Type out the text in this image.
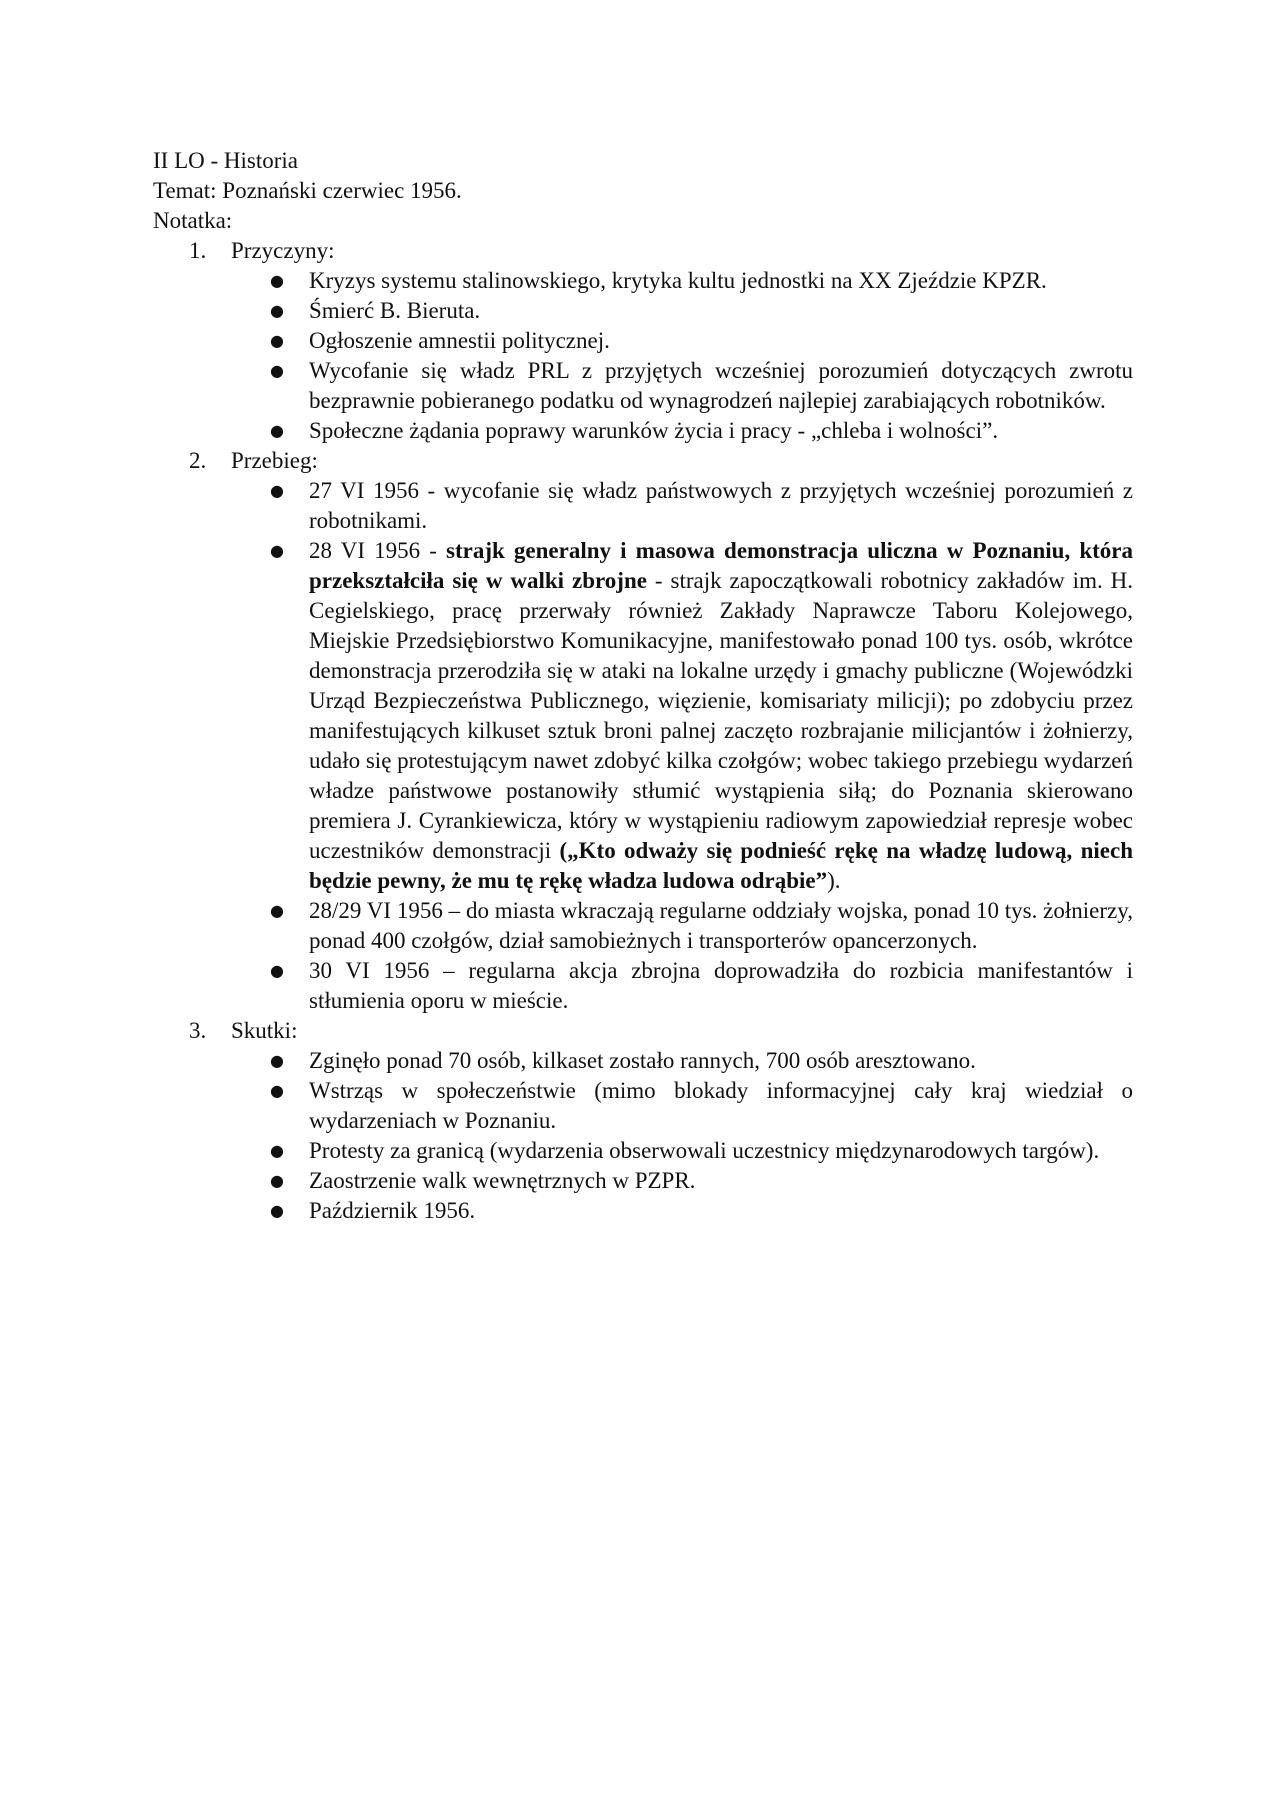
II LO - Historia

Temat: Poznański czerwiec 1956.

Notatka:

1. Przyczyny:
● Kryzys systemu stalinowskiego, krytyka kultu jednostki na XX Zjeździe KPZR.
● Śmierć B. Bieruta.
● Ogłoszenie amnestii politycznej.
● Wycofanie się władz PRL z przyjętych wcześniej porozumień dotyczących zwrotu bezprawnie pobieranego podatku od wynagrodzeń najlepiej zarabiających robotników.
● Społeczne żądania poprawy warunków życia i pracy - „chleba i wolności”.
2. Przebieg:
● 27 VI 1956 - wycofanie się władz państwowych z przyjętych wcześniej porozumień z robotnikami.
● 28 VI 1956 - strajk generalny i masowa demonstracja uliczna w Poznaniu, która przekształciła się w walki zbrojne - strajk zapoczątkowali robotnicy zakładów im. H. Cegielskiego, pracę przerwały również Zakłady Naprawcze Taboru Kolejowego, Miejskie Przedsiębiorstwo Komunikacyjne, manifestowało ponad 100 tys. osób, wkrótce demonstracja przerodziła się w ataki na lokalne urzędy i gmachy publiczne (Wojewódzki Urząd Bezpieczeństwa Publicznego, więzienie, komisariaty milicji); po zdobyciu przez manifestujących kilkuset sztuk broni palnej zaczęto rozbrajanie milicjantów i żołnierzy, udało się protestującym nawet zdobyć kilka czołgów; wobec takiego przebiegu wydarzeń władze państwowe postanowiły stłumić wystąpienia siłą; do Poznania skierowano premiera J. Cyrankiewicza, który w wystąpieniu radiowym zapowiedział represje wobec uczestników demonstracji („Kto odważy się podnieść rękę na władzę ludową, niech będzie pewny, że mu tę rękę władza ludowa odrąbie”).
● 28/29 VI 1956 – do miasta wkraczają regularne oddziały wojska, ponad 10 tys. żołnierzy, ponad 400 czołgów, dział samobieżnych i transporterów opancerzonych.
● 30 VI 1956 – regularna akcja zbrojna doprowadziła do rozbicia manifestantów i stłumienia oporu w mieście.
3. Skutki:
● Zginęło ponad 70 osób, kilkaset zostało rannych, 700 osób aresztowano.
● Wstrząs w społeczeństwie (mimo blokady informacyjnej cały kraj wiedział o wydarzeniach w Poznaniu.
● Protesty za granicą (wydarzenia obserwowali uczestnicy międzynarodowych targów).
● Zaostrzenie walk wewnętrznych w PZPR.
● Październik 1956.
